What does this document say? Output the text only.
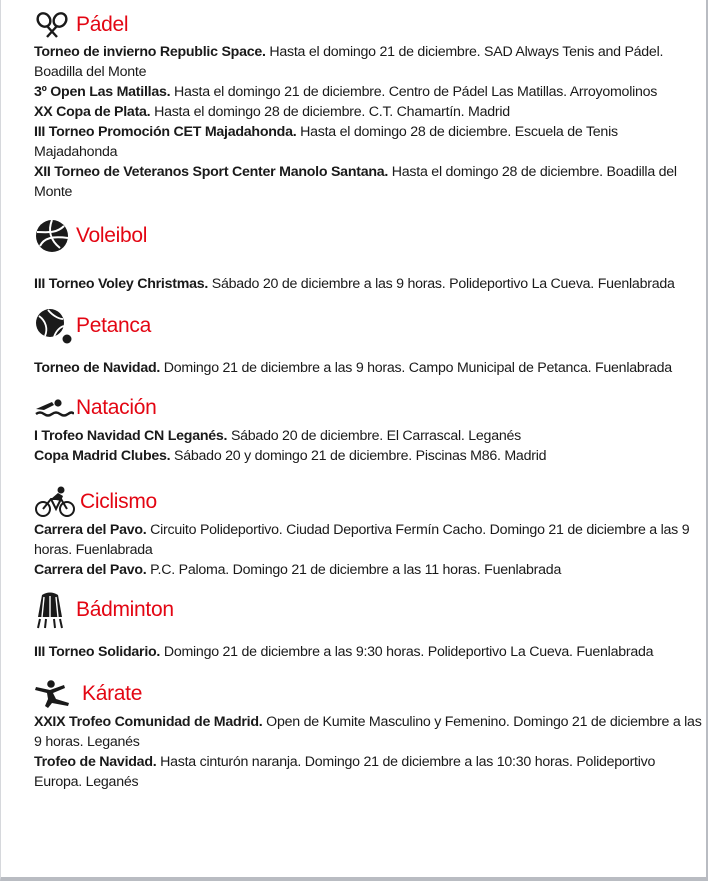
Pádel
Torneo de invierno Republic Space. Hasta el domingo 21 de diciembre. SAD Always Tenis and Pádel. Boadilla del Monte
3º Open Las Matillas. Hasta el domingo 21 de diciembre. Centro de Pádel Las Matillas. Arroyomolinos
XX Copa de Plata. Hasta el domingo 28 de diciembre. C.T. Chamartín. Madrid
III Torneo Promoción CET Majadahonda. Hasta el domingo 28 de diciembre. Escuela de Tenis Majadahonda
XII Torneo de Veteranos Sport Center Manolo Santana. Hasta el domingo 28 de diciembre. Boadilla del Monte
Voleibol
III Torneo Voley Christmas. Sábado 20 de diciembre a las 9 horas. Polideportivo La Cueva. Fuenlabrada
Petanca
Torneo de Navidad. Domingo 21 de diciembre a las 9 horas. Campo Municipal de Petanca. Fuenlabrada
Natación
I Trofeo Navidad CN Leganés. Sábado 20 de diciembre. El Carrascal. Leganés
Copa Madrid Clubes. Sábado 20 y domingo 21 de diciembre. Piscinas M86. Madrid
Ciclismo
Carrera del Pavo. Circuito Polideportivo. Ciudad Deportiva Fermín Cacho. Domingo 21 de diciembre a las 9 horas. Fuenlabrada
Carrera del Pavo. P.C. Paloma. Domingo 21 de diciembre a las 11 horas. Fuenlabrada
Bádminton
III Torneo Solidario. Domingo 21 de diciembre a las 9:30 horas. Polideportivo La Cueva. Fuenlabrada
Kárate
XXIX Trofeo Comunidad de Madrid. Open de Kumite Masculino y Femenino. Domingo 21 de diciembre a las 9 horas. Leganés
Trofeo de Navidad. Hasta cinturón naranja. Domingo 21 de diciembre a las 10:30 horas. Polideportivo Europa. Leganés
